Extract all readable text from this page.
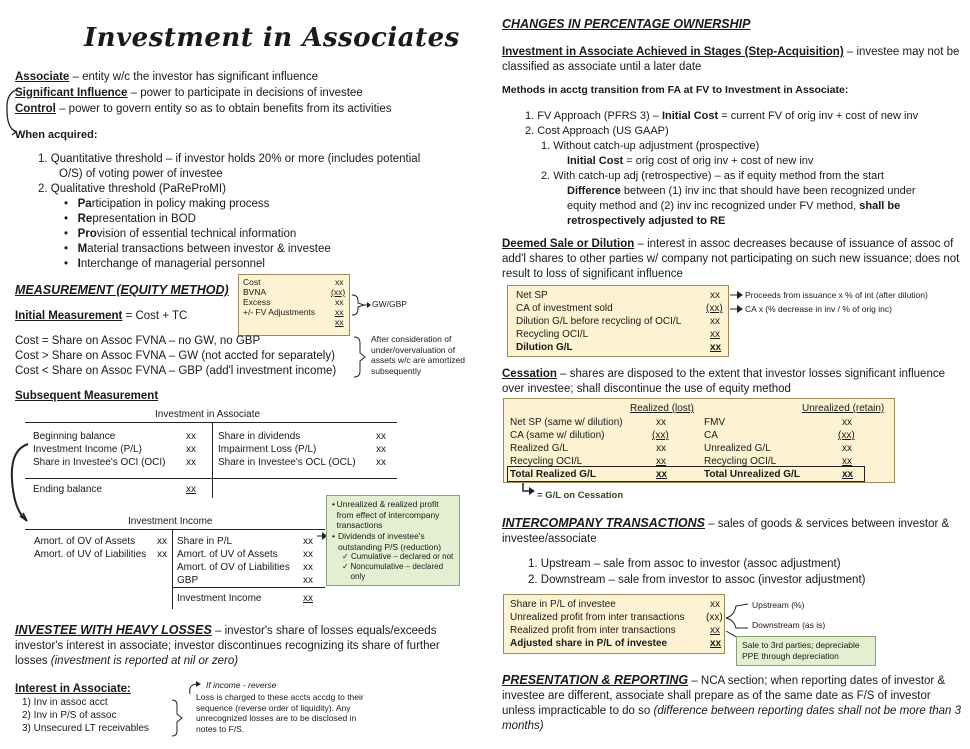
Investment in Associates
Associate – entity w/c the investor has significant influence
Significant Influence – power to participate in decisions of investee
Control – power to govern entity so as to obtain benefits from its activities
When acquired:
1. Quantitative threshold – if investor holds 20% or more (includes potential
O/S) of voting power of investee
2. Qualitative threshold (PaReProMI)
•   Participation in policy making process
•   Representation in BOD
•   Provision of essential technical information
•   Material transactions between investor & investee
•   Interchange of managerial personnel
MEASUREMENT (EQUITY METHOD)
Initial Measurement = Cost + TC
Cost	xx
BVNA	(xx)
Excess	xx
+/- FV Adjustments xx
xx
GW/GBP
Cost = Share on Assoc FVNA – no GW, no GBP
Cost > Share on Assoc FVNA – GW (not accted for separately)
Cost < Share on Assoc FVNA – GBP (add'l investment income)
After consideration of under/overvaluation of assets w/c are amortized subsequently
Subsequent Measurement
Investment in Associate
Beginning balance	xx
Investment Income (P/L)	xx
Share in Investee's OCI (OCI) xx
Share in dividends	xx
Impairment Loss (P/L)	xx
Share in Investee's OCL (OCL) xx
Ending balance	xx
Investment Income
Amort. of OV of Assets xx
Amort. of UV of Liabilities xx
Share in P/L	xx
Amort. of UV of Assets	xx
Amort. of OV of Liabilities xx
GBP	xx
Investment Income	xx
• Unrealized & realized profit from effect of intercompany transactions
• Dividends of investee's outstanding P/S (reduction)
✓ Cumulative – declared or not
✓ Noncumulative – declared only
INVESTEE WITH HEAVY LOSSES – investor's share of losses equals/exceeds investor's interest in associate; investor discontinues recognizing its share of further losses (investment is reported at nil or zero)
Interest in Associate:
1) Inv in assoc acct
2) Inv in P/S of assoc
3) Unsecured LT receivables
If income - reverse
Loss is charged to these accts accdg to their sequence (reverse order of liquidity). Any unrecognized losses are to be disclosed in notes to F/S.
CHANGES IN PERCENTAGE OWNERSHIP
Investment in Associate Achieved in Stages (Step-Acquisition) – investee may not be classified as associate until a later date
Methods in acctg transition from FA at FV to Investment in Associate:
1. FV Approach (PFRS 3) – Initial Cost = current FV of orig inv + cost of new inv
2. Cost Approach (US GAAP)
1. Without catch-up adjustment (prospective)
Initial Cost = orig cost of orig inv + cost of new inv
2. With catch-up adj (retrospective) – as if equity method from the start
Difference between (1) inv inc that should have been recognized under
equity method and (2) inv inc recognized under FV method, shall be
retrospectively adjusted to RE
Deemed Sale or Dilution – interest in assoc decreases because of issuance of assoc of add'l shares to other parties w/ company not participating on such new issuance; does not result to loss of significant influence
Net SP	xx
CA of investment sold	(xx)
Dilution G/L before recycling of OCI/L	xx
Recycling OCI/L	xx
Dilution G/L	xx
Proceeds from issuance x % of int (after dilution)
CA x (% decrease in inv / % of orig inc)
Cessation – shares are disposed to the extent that investor losses significant influence over investee; shall discontinue the use of equity method
Realized (lost)	Unrealized (retain)
Net SP (same w/ dilution)	xx
CA (same w/ dilution)	(xx)
Realized G/L	xx
Recycling OCI/L	xx
FMV	xx
CA	(xx)
Unrealized G/L	xx
Recycling OCI/L	xx
Total Realized G/L	xx	Total Unrealized G/L	xx
= G/L on Cessation
INTERCOMPANY TRANSACTIONS – sales of goods & services between investor & investee/associate
1. Upstream – sale from assoc to investor (assoc adjustment)
2. Downstream – sale from investor to assoc (investor adjustment)
Share in P/L of investee	xx
Unrealized profit from inter transactions (xx)
Realized profit from inter transactions	xx
Adjusted share in P/L of investee	xx
Upstream (%)
Downstream (as is)
Sale to 3rd parties; depreciable PPE through depreciation
PRESENTATION & REPORTING – NCA section; when reporting dates of investor & investee are different, associate shall prepare as of the same date as F/S of investor unless impracticable to do so (difference between reporting dates shall not be more than 3 months)
